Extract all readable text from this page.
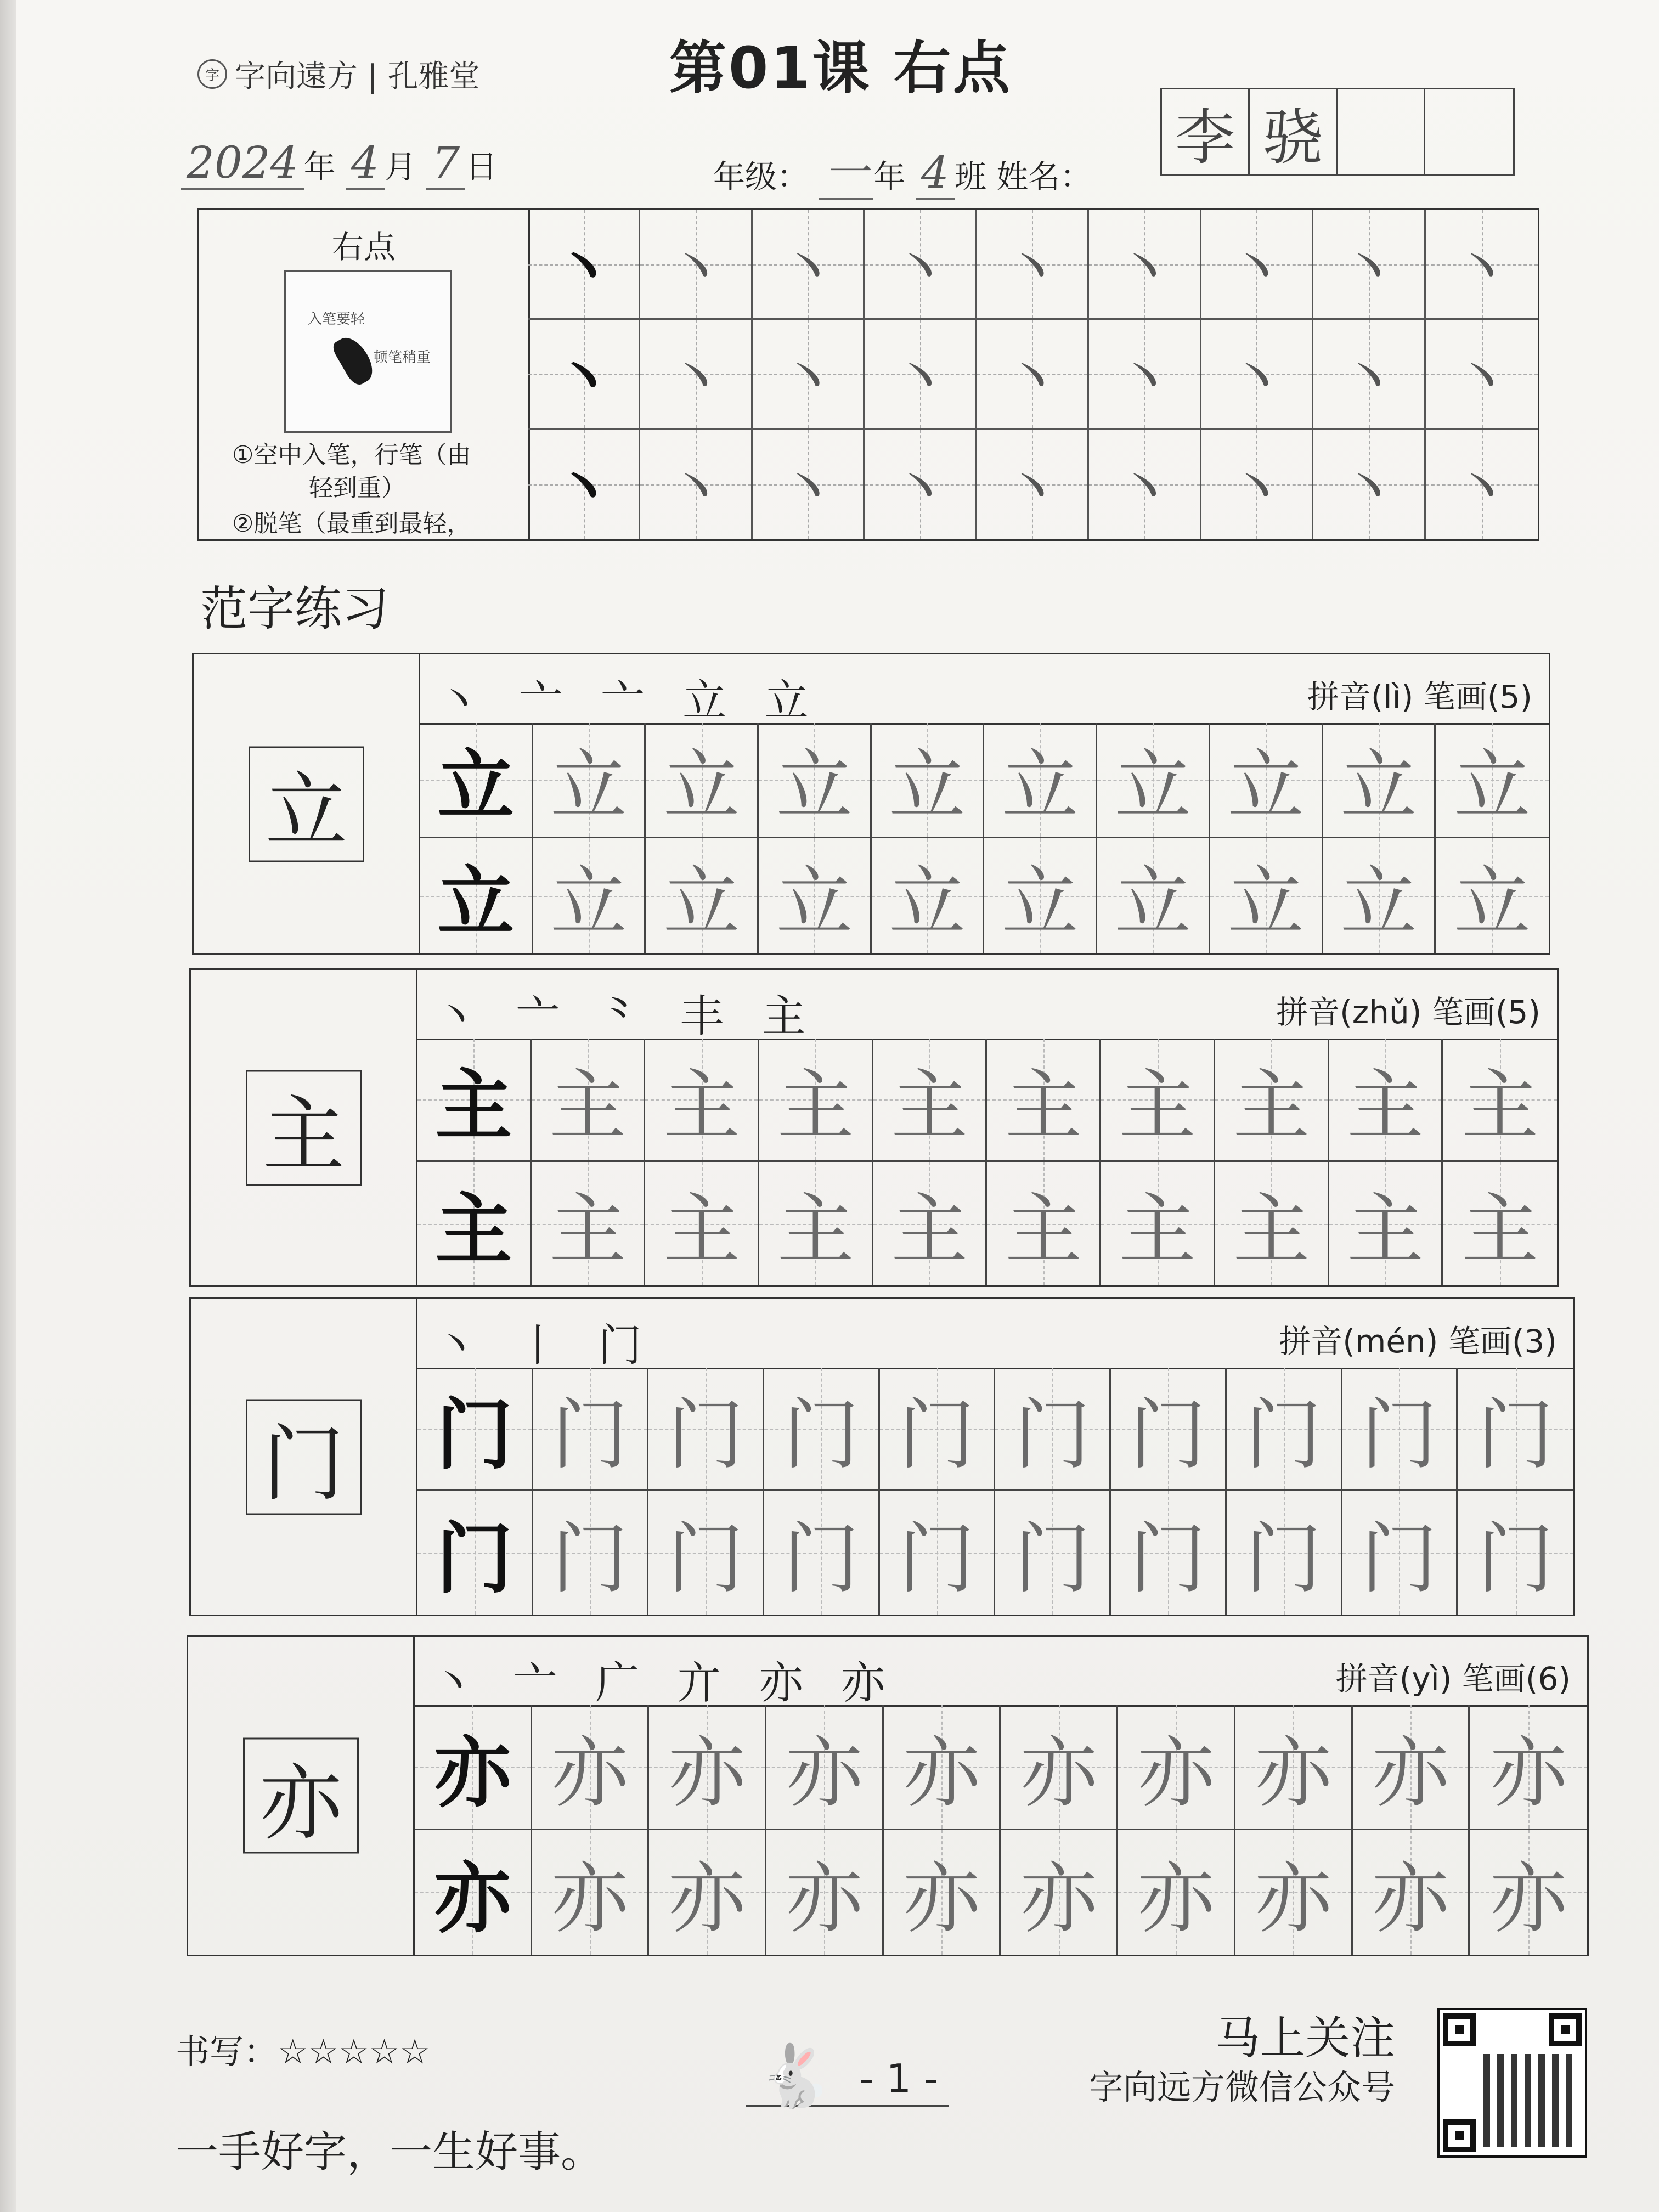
字 字向遠方 | 孔雅堂	第01课 右点
2024 年 4 月 7 日	年级： 一 年 4 班 姓名：
李 骁
右点
入笔要轻
顿笔稍重
①空中入笔，行笔（由
轻到重）
②脱笔（最重到最轻，
丶 丶 丶 丶 丶 丶 丶 丶 丶
丶 丶 丶 丶 丶 丶 丶 丶 丶
丶 丶 丶 丶 丶 丶 丶 丶 丶
范字练习
立
丶 亠 亠 立 立	拼音(lì) 笔画(5)
立 立 立 立 立 立 立 立 立 立
立 立 立 立 立 立 立 立 立 立
主
丶 亠 ⺀ 丰 主	拼音(zhǔ) 笔画(5)
主 主 主 主 主 主 主 主 主 主
主 主 主 主 主 主 主 主 主 主
门
丶 丨 门	拼音(mén) 笔画(3)
门 门 门 门 门 门 门 门 门 门
门 门 门 门 门 门 门 门 门 门
亦
丶 亠 广 亣 亦 亦	拼音(yì) 笔画(6)
亦 亦 亦 亦 亦 亦 亦 亦 亦 亦
亦 亦 亦 亦 亦 亦 亦 亦 亦 亦
书写：☆☆☆☆☆	🐇 - 1 -
马上关注
字向远方微信公众号
一手好字，一生好事。
